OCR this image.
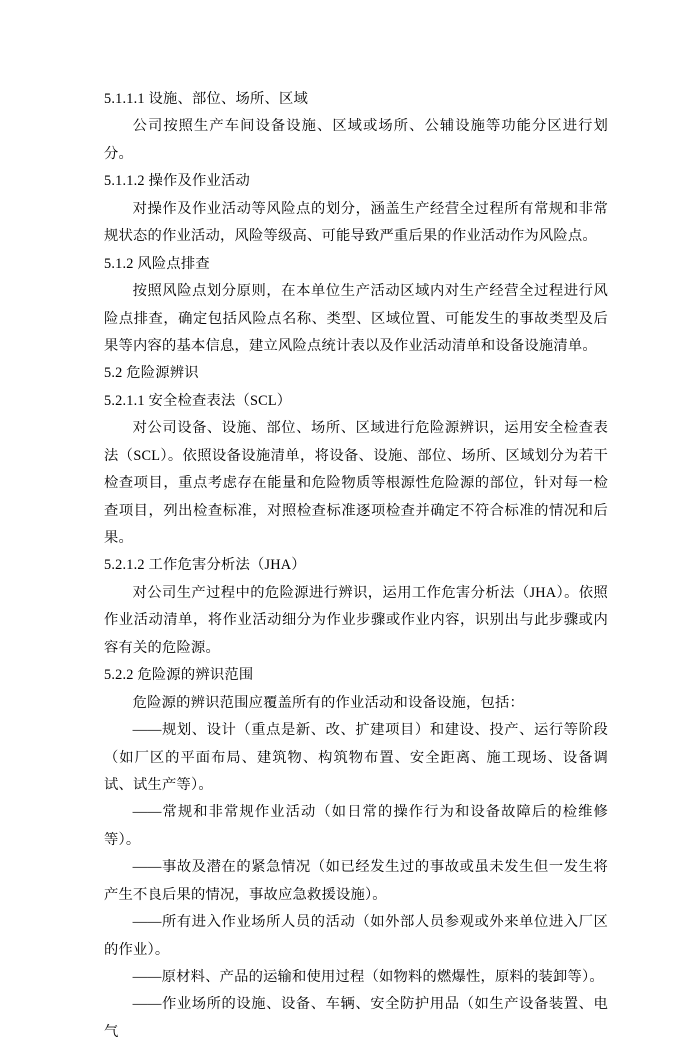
5.1.1.1 设施、部位、场所、区域

公司按照生产车间设备设施、区域或场所、公辅设施等功能分区进行划分。

5.1.1.2 操作及作业活动

对操作及作业活动等风险点的划分，涵盖生产经营全过程所有常规和非常规状态的作业活动，风险等级高、可能导致严重后果的作业活动作为风险点。

5.1.2 风险点排查

按照风险点划分原则，在本单位生产活动区域内对生产经营全过程进行风险点排查，确定包括风险点名称、类型、区域位置、可能发生的事故类型及后果等内容的基本信息，建立风险点统计表以及作业活动清单和设备设施清单。

5.2 危险源辨识

5.2.1.1 安全检查表法（SCL）

对公司设备、设施、部位、场所、区域进行危险源辨识，运用安全检查表法（SCL）。依照设备设施清单，将设备、设施、部位、场所、区域划分为若干检查项目，重点考虑存在能量和危险物质等根源性危险源的部位，针对每一检查项目，列出检查标准，对照检查标准逐项检查并确定不符合标准的情况和后果。

5.2.1.2 工作危害分析法（JHA）

对公司生产过程中的危险源进行辨识，运用工作危害分析法（JHA）。依照作业活动清单，将作业活动细分为作业步骤或作业内容，识别出与此步骤或内容有关的危险源。

5.2.2 危险源的辨识范围

危险源的辨识范围应覆盖所有的作业活动和设备设施，包括：

——规划、设计（重点是新、改、扩建项目）和建设、投产、运行等阶段（如厂区的平面布局、建筑物、构筑物布置、安全距离、施工现场、设备调试、试生产等）。

——常规和非常规作业活动（如日常的操作行为和设备故障后的检维修等）。

——事故及潜在的紧急情况（如已经发生过的事故或虽未发生但一发生将产生不良后果的情况，事故应急救援设施）。

——所有进入作业场所人员的活动（如外部人员参观或外来单位进入厂区的作业）。

——原材料、产品的运输和使用过程（如物料的燃爆性，原料的装卸等）。

——作业场所的设施、设备、车辆、安全防护用品（如生产设备装置、电气
